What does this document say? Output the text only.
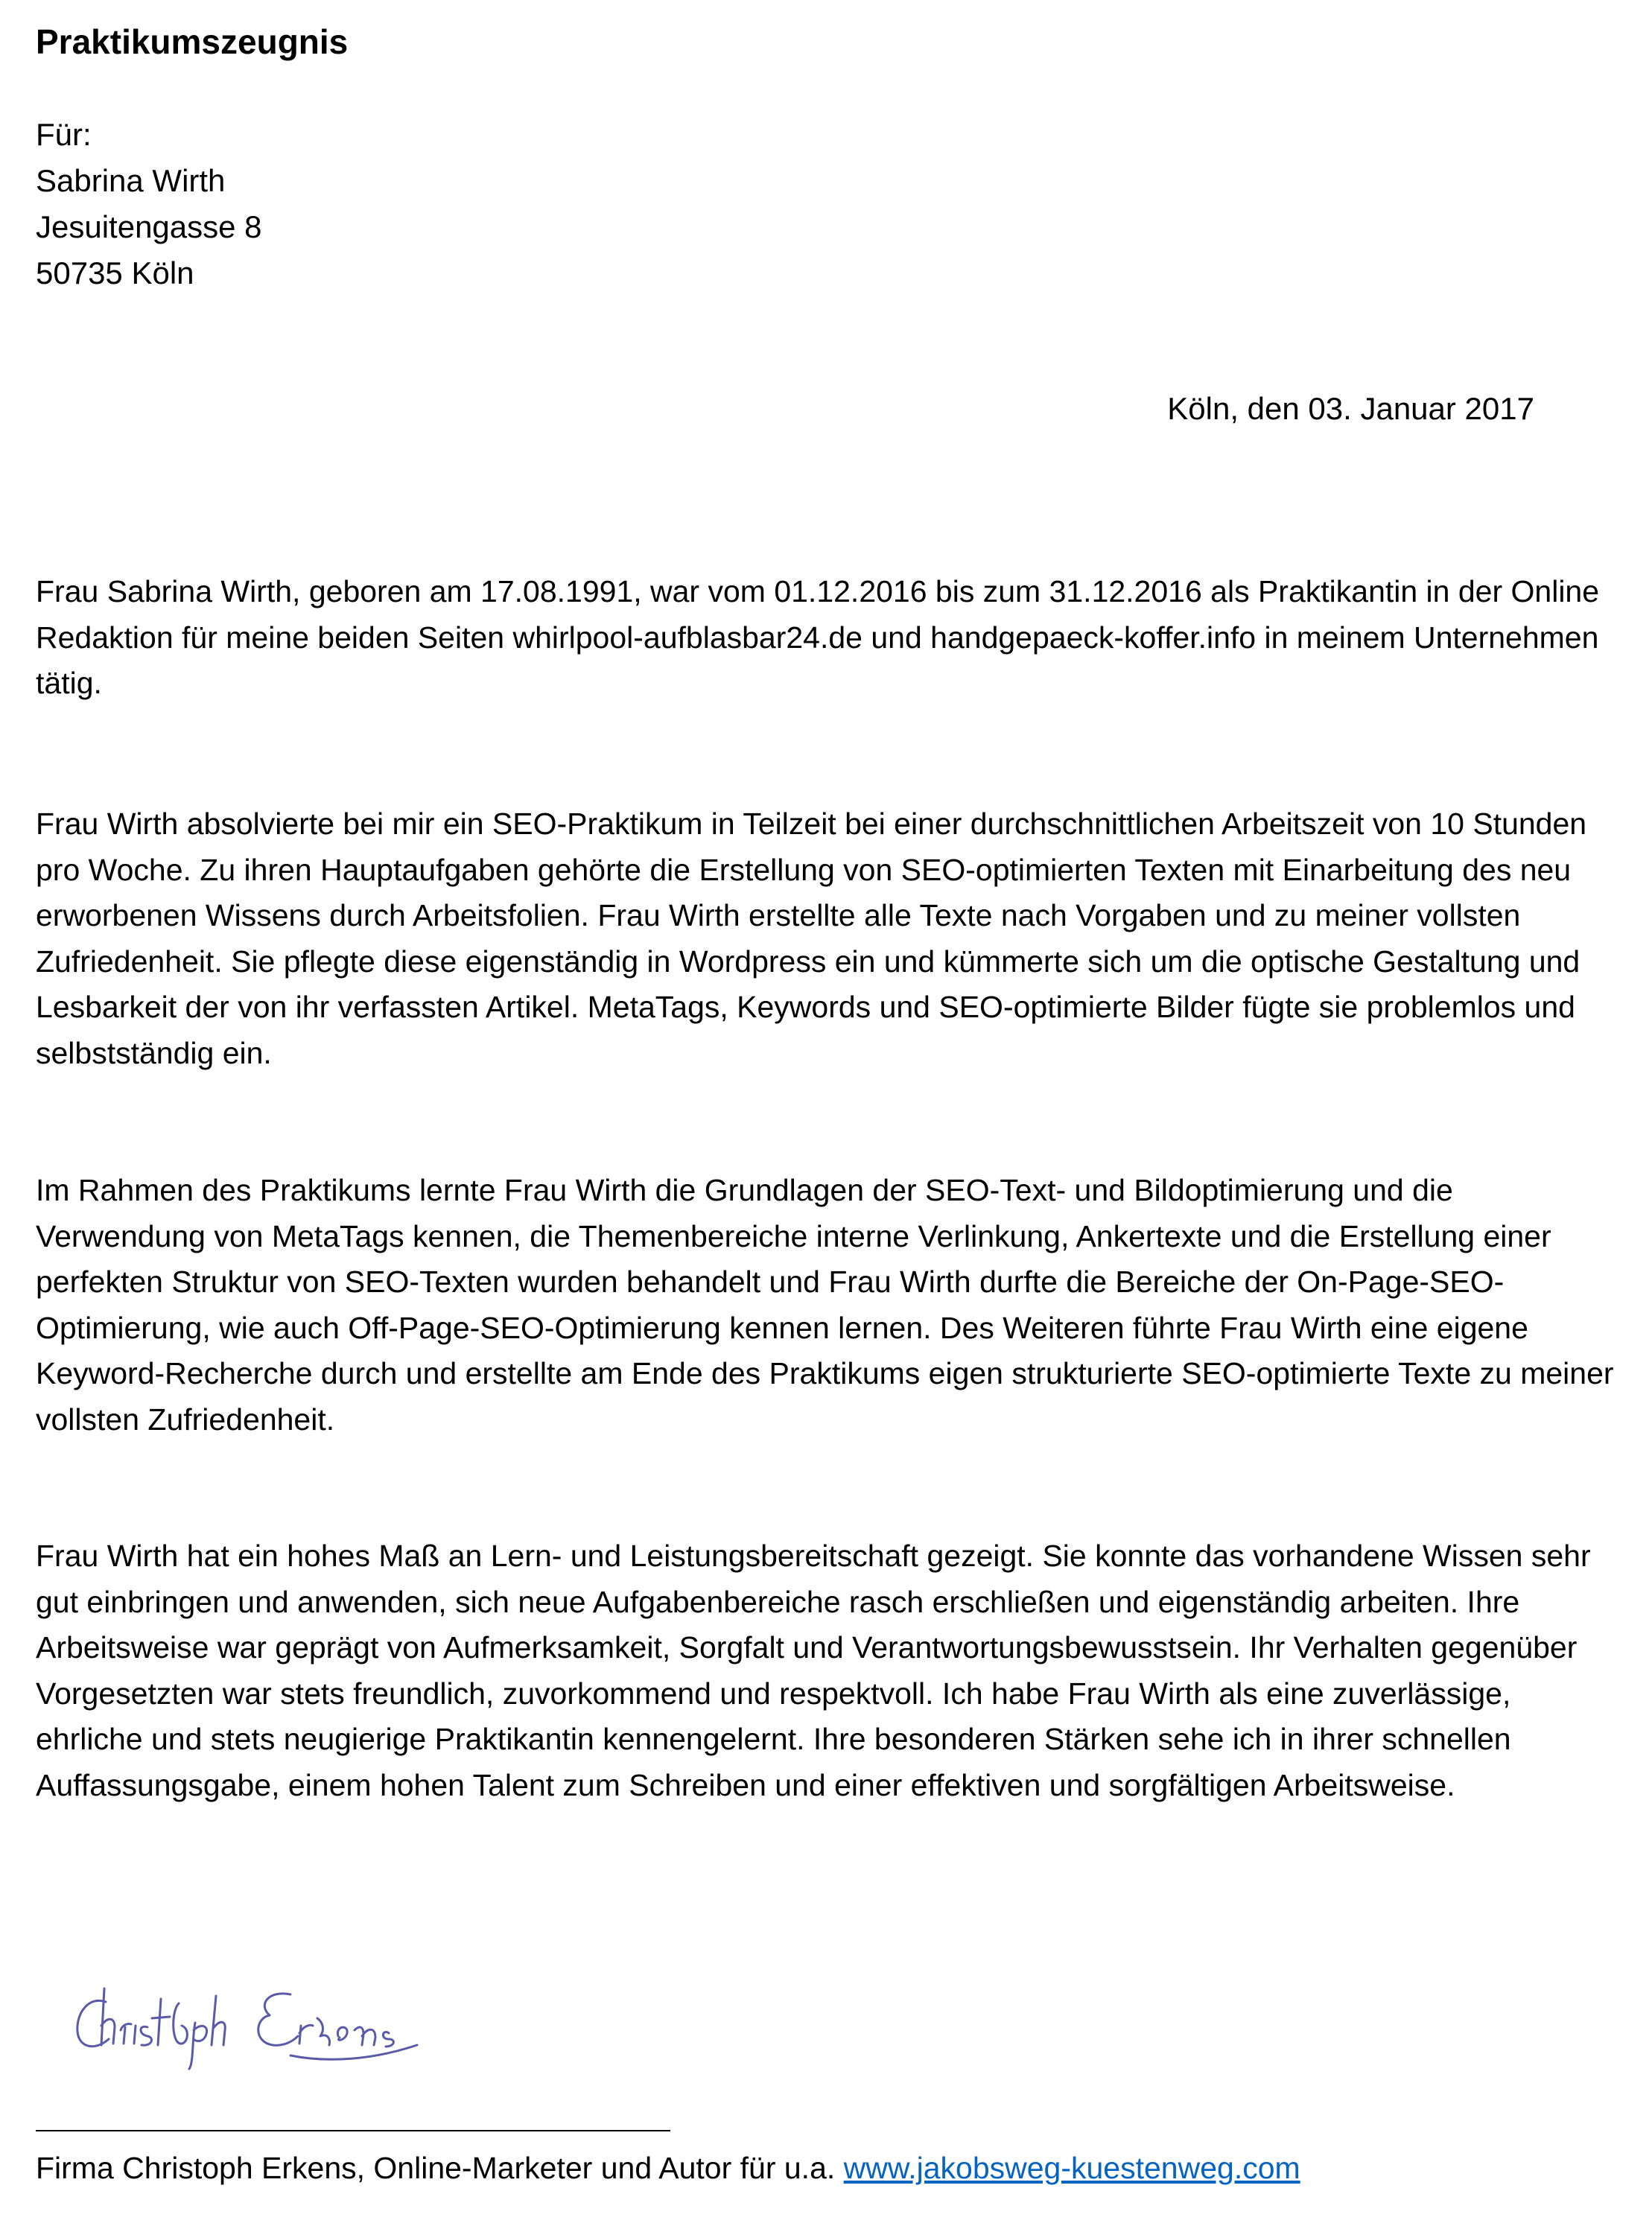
Praktikumszeugnis
Für:
Sabrina Wirth
Jesuitengasse 8
50735 Köln
Köln, den 03. Januar 2017

Frau Sabrina Wirth, geboren am 17.08.1991, war vom 01.12.2016 bis zum 31.12.2016 als Praktikantin in der Online Redaktion für meine beiden Seiten whirlpool-aufblasbar24.de und handgepaeck-koffer.info in meinem Unternehmen tätig.

Frau Wirth absolvierte bei mir ein SEO-Praktikum in Teilzeit bei einer durchschnittlichen Arbeitszeit von 10 Stunden pro Woche. Zu ihren Hauptaufgaben gehörte die Erstellung von SEO-optimierten Texten mit Einarbeitung des neu erworbenen Wissens durch Arbeitsfolien. Frau Wirth erstellte alle Texte nach Vorgaben und zu meiner vollsten Zufriedenheit. Sie pflegte diese eigenständig in Wordpress ein und kümmerte sich um die optische Gestaltung und Lesbarkeit der von ihr verfassten Artikel. MetaTags, Keywords und SEO-optimierte Bilder fügte sie problemlos und selbstständig ein.

Im Rahmen des Praktikums lernte Frau Wirth die Grundlagen der SEO-Text- und Bildoptimierung und die Verwendung von MetaTags kennen, die Themenbereiche interne Verlinkung, Ankertexte und die Erstellung einer perfekten Struktur von SEO-Texten wurden behandelt und Frau Wirth durfte die Bereiche der On-Page-SEO-Optimierung, wie auch Off-Page-SEO-Optimierung kennen lernen. Des Weiteren führte Frau Wirth eine eigene Keyword-Recherche durch und erstellte am Ende des Praktikums eigen strukturierte SEO-optimierte Texte zu meiner vollsten Zufriedenheit.

Frau Wirth hat ein hohes Maß an Lern- und Leistungsbereitschaft gezeigt. Sie konnte das vorhandene Wissen sehr gut einbringen und anwenden, sich neue Aufgabenbereiche rasch erschließen und eigenständig arbeiten. Ihre Arbeitsweise war geprägt von Aufmerksamkeit, Sorgfalt und Verantwortungsbewusstsein. Ihr Verhalten gegenüber Vorgesetzten war stets freundlich, zuvorkommend und respektvoll. Ich habe Frau Wirth als eine zuverlässige, ehrliche und stets neugierige Praktikantin kennengelernt. Ihre besonderen Stärken sehe ich in ihrer schnellen Auffassungsgabe, einem hohen Talent zum Schreiben und einer effektiven und sorgfältigen Arbeitsweise.

Firma Christoph Erkens, Online-Marketer und Autor für u.a. www.jakobsweg-kuestenweg.com
